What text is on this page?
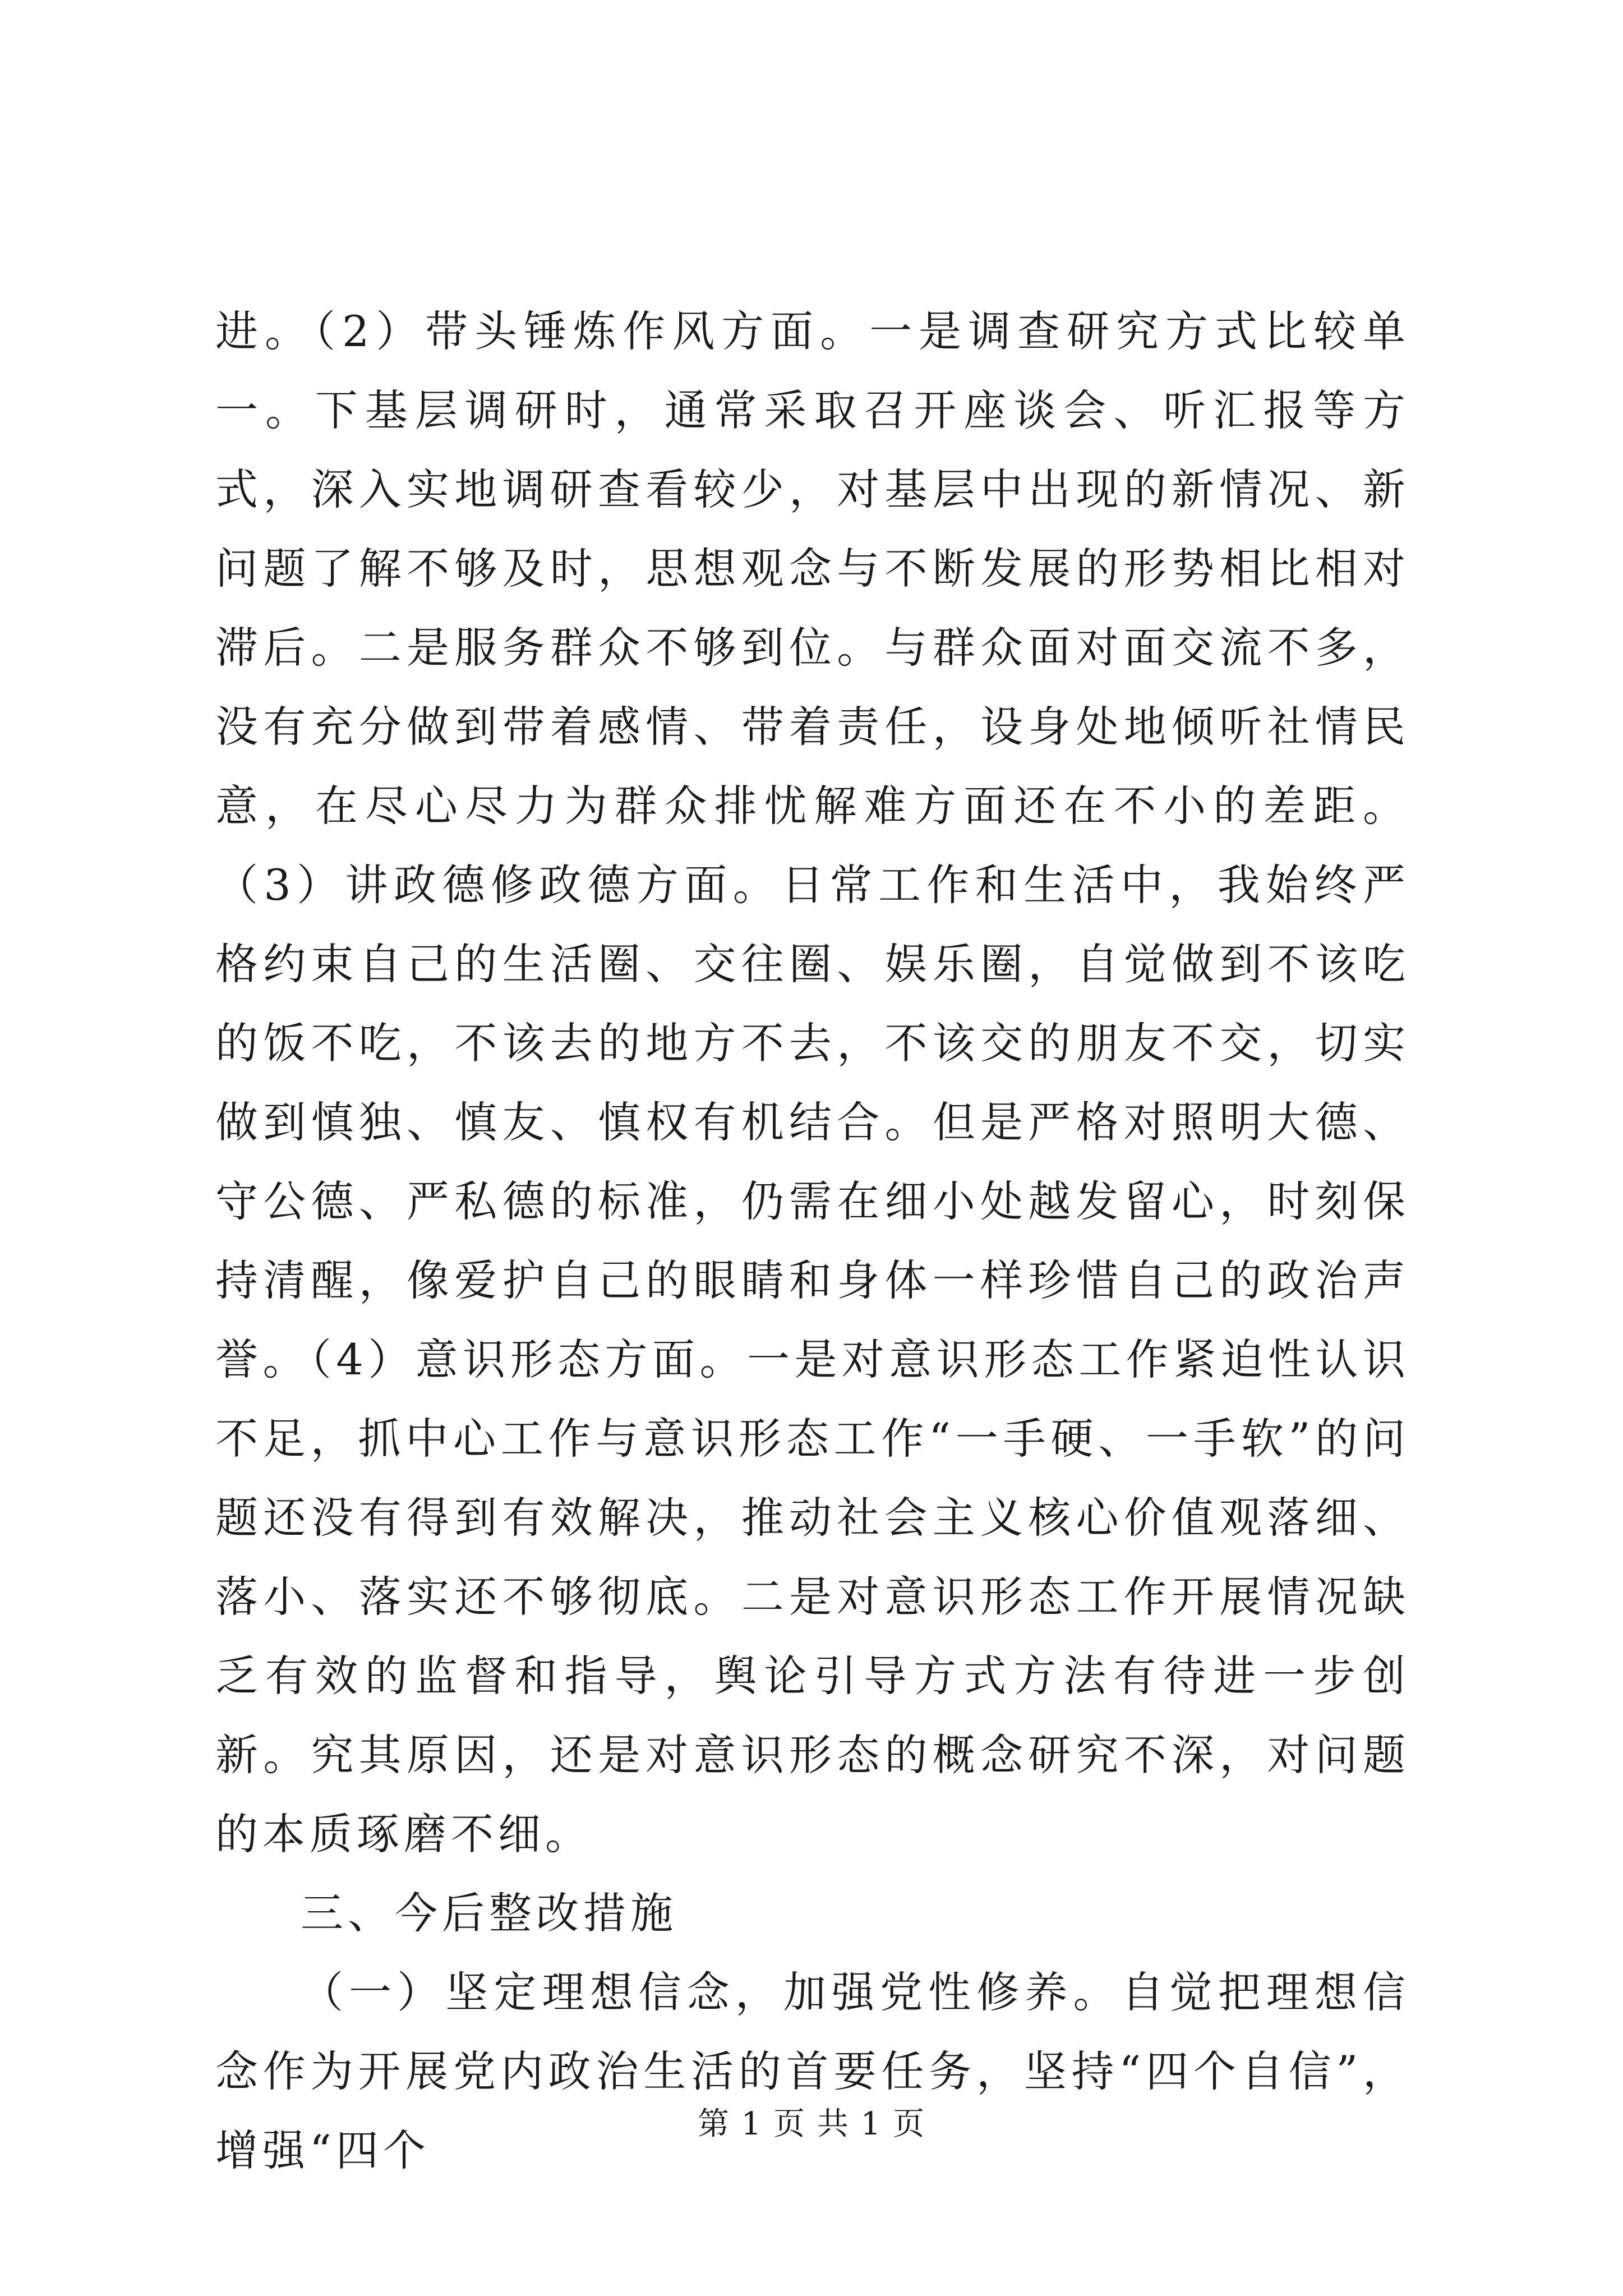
进。（2）带头锤炼作风方面。一是调查研究方式比较单一。下基层调研时，通常采取召开座谈会、听汇报等方式，深入实地调研查看较少，对基层中出现的新情况、新问题了解不够及时，思想观念与不断发展的形势相比相对滞后。二是服务群众不够到位。与群众面对面交流不多，没有充分做到带着感情、带着责任，设身处地倾听社情民意，在尽心尽力为群众排忧解难方面还在不小的差距。（3）讲政德修政德方面。日常工作和生活中，我始终严格约束自己的生活圈、交往圈、娱乐圈，自觉做到不该吃的饭不吃，不该去的地方不去，不该交的朋友不交，切实做到慎独、慎友、慎权有机结合。但是严格对照明大德、守公德、严私德的标准，仍需在细小处越发留心，时刻保持清醒，像爱护自己的眼睛和身体一样珍惜自己的政治声誉。（4）意识形态方面。一是对意识形态工作紧迫性认识不足，抓中心工作与意识形态工作“一手硬、一手软”的问题还没有得到有效解决，推动社会主义核心价值观落细、落小、落实还不够彻底。二是对意识形态工作开展情况缺乏有效的监督和指导，舆论引导方式方法有待进一步创新。究其原因，还是对意识形态的概念研究不深，对问题的本质琢磨不细。

三、今后整改措施

（一）坚定理想信念，加强党性修养。自觉把理想信念作为开展党内政治生活的首要任务，坚持“四个自信”，增强“四个

第 1 页 共 1 页
